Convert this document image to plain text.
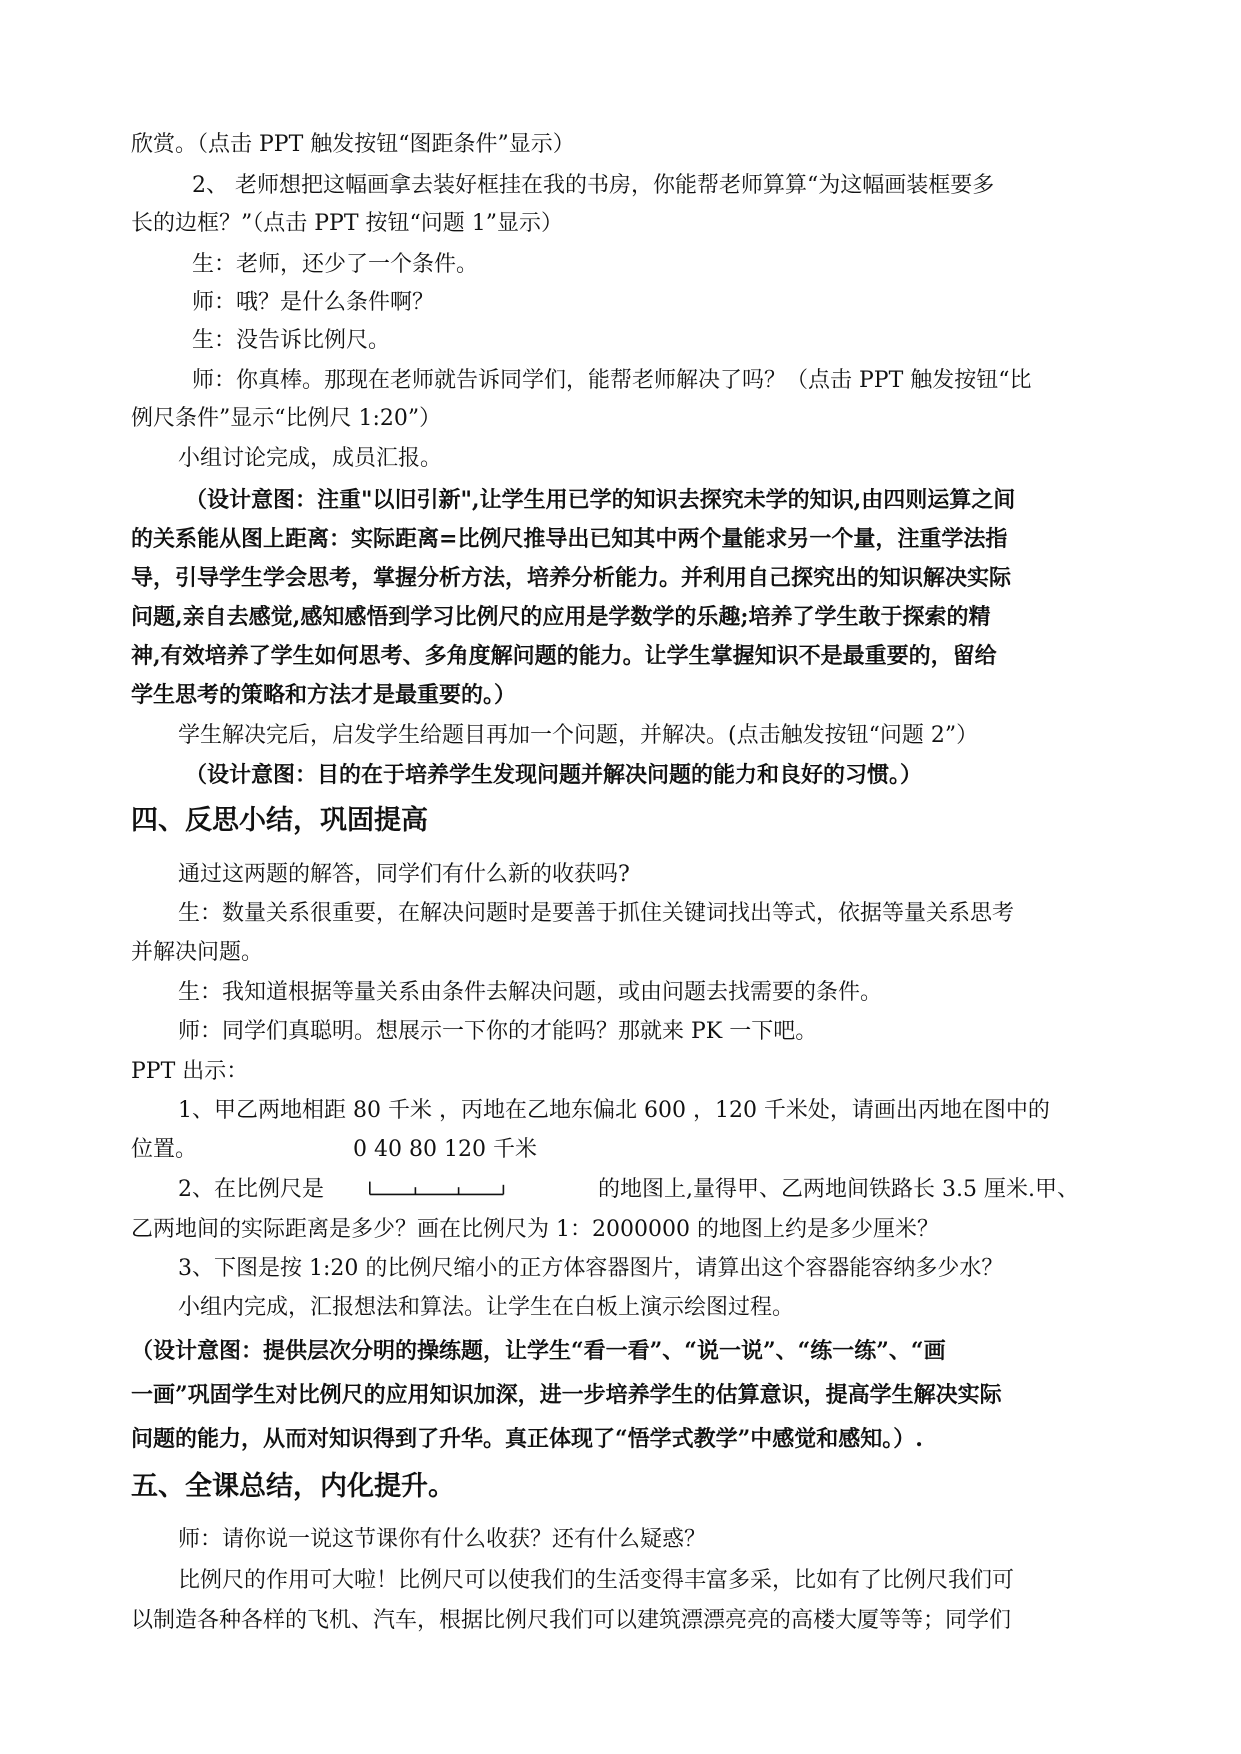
欣赏。（点击 PPT 触发按钮“图距条件”显示）
2、 老师想把这幅画拿去装好框挂在我的书房，你能帮老师算算“为这幅画装框要多
长的边框？”（点击 PPT 按钮“问题 1”显示）
生：老师，还少了一个条件。
师：哦？是什么条件啊？
生：没告诉比例尺。
师：你真棒。那现在老师就告诉同学们，能帮老师解决了吗？（点击 PPT 触发按钮“比
例尺条件”显示“比例尺 1:20”）
小组讨论完成，成员汇报。
（设计意图：注重"以旧引新",让学生用已学的知识去探究未学的知识,由四则运算之间
的关系能从图上距离：实际距离=比例尺推导出已知其中两个量能求另一个量，注重学法指
导，引导学生学会思考，掌握分析方法，培养分析能力。并利用自己探究出的知识解决实际
问题,亲自去感觉,感知感悟到学习比例尺的应用是学数学的乐趣;培养了学生敢于探索的精
神,有效培养了学生如何思考、多角度解问题的能力。让学生掌握知识不是最重要的，留给
学生思考的策略和方法才是最重要的。）
学生解决完后，启发学生给题目再加一个问题，并解决。(点击触发按钮“问题 2”）
（设计意图：目的在于培养学生发现问题并解决问题的能力和良好的习惯。）
四、反思小结，巩固提高
通过这两题的解答，同学们有什么新的收获吗?
生：数量关系很重要，在解决问题时是要善于抓住关键词找出等式，依据等量关系思考
并解决问题。
生：我知道根据等量关系由条件去解决问题，或由问题去找需要的条件。
师：同学们真聪明。想展示一下你的才能吗？那就来 PK 一下吧。
PPT 出示：
1、甲乙两地相距 80 千米 ，丙地在乙地东偏北 600 ，120 千米处，请画出丙地在图中的
位置。	0 40 80 120 千米
2、在比例尺是	的地图上,量得甲、乙两地间铁路长 3.5 厘米.甲、
乙两地间的实际距离是多少？画在比例尺为 1：2000000 的地图上约是多少厘米？
3、下图是按 1:20 的比例尺缩小的正方体容器图片，请算出这个容器能容纳多少水？
小组内完成，汇报想法和算法。让学生在白板上演示绘图过程。
（设计意图：提供层次分明的操练题，让学生“看一看”、“说一说”、“练一练”、“画
一画”巩固学生对比例尺的应用知识加深，进一步培养学生的估算意识，提高学生解决实际
问题的能力，从而对知识得到了升华。真正体现了“悟学式教学”中感觉和感知。）.
五、全课总结，内化提升。
师：请你说一说这节课你有什么收获？还有什么疑惑？
比例尺的作用可大啦！比例尺可以使我们的生活变得丰富多采，比如有了比例尺我们可
以制造各种各样的飞机、汽车，根据比例尺我们可以建筑漂漂亮亮的高楼大厦等等；同学们
